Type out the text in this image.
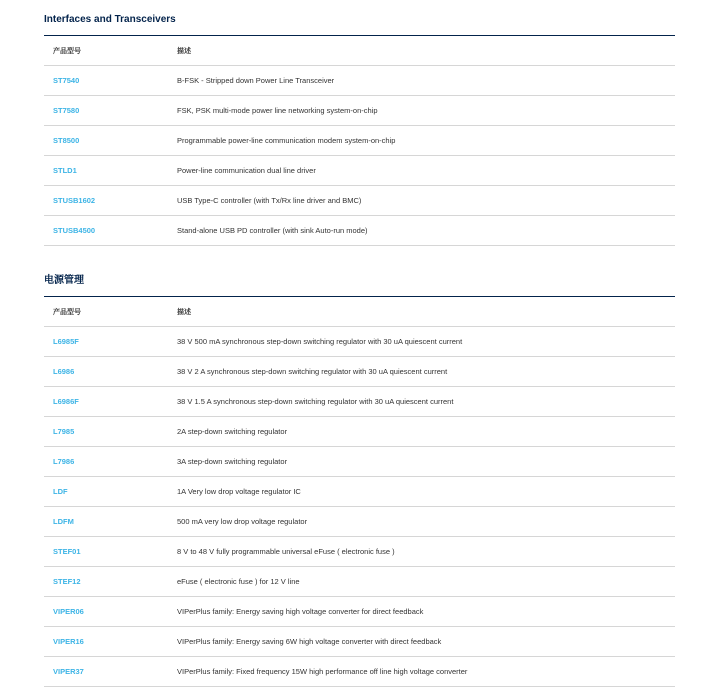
Interfaces and Transceivers
产品型号	描述
ST7540	B-FSK - Stripped down Power Line Transceiver
ST7580	FSK, PSK multi-mode power line networking system-on-chip
ST8500	Programmable power-line communication modem system-on-chip
STLD1	Power-line communication dual line driver
STUSB1602	USB Type-C controller (with Tx/Rx line driver and BMC)
STUSB4500	Stand-alone USB PD controller (with sink Auto-run mode)
电源管理
产品型号	描述
L6985F	38 V 500 mA synchronous step-down switching regulator with 30 uA quiescent current
L6986	38 V 2 A synchronous step-down switching regulator with 30 uA quiescent current
L6986F	38 V 1.5 A synchronous step-down switching regulator with 30 uA quiescent current
L7985	2A step-down switching regulator
L7986	3A step-down switching regulator
LDF	1A Very low drop voltage regulator IC
LDFM	500 mA very low drop voltage regulator
STEF01	8 V to 48 V fully programmable universal eFuse ( electronic fuse )
STEF12	eFuse ( electronic fuse ) for 12 V line
VIPER06	VIPerPlus family: Energy saving high voltage converter for direct feedback
VIPER16	VIPerPlus family: Energy saving 6W high voltage converter with direct feedback
VIPER37	VIPerPlus family: Fixed frequency 15W high performance off line high voltage converter
